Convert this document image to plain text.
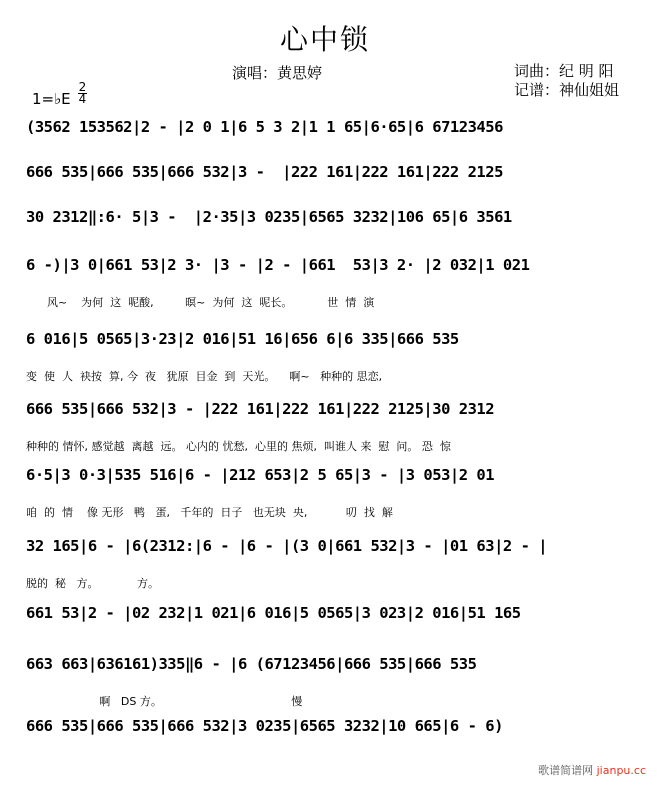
心中锁
演唱：黄思婷	词曲：纪 明 阳
记谱：神仙姐姐
1=♭E
2
4
(3562 153562|2 - |2 0 1|6 5 3 2|1 1 65|6·65|6 67123456
666 535|666 535|666 532|3 -  |222 161|222 161|222 2125
30 2312‖:6· 5|3 -  |2·35|3 0235|6565 3232|106 65|6 3561
6 -)|3 0|661 53|2 3· |3 - |2 - |661  53|3 2· |2 032|1 021
风~    为何  这  呢酸,         暝~  为何  这  呢长。          世  情  演
6 016|5 0565|3·23|2 016|51 16|656 6|6 335|666 535
变  使  人  袂按  算, 今  夜   犹原  目金  到  天光。    啊~   种种的 思恋,
666 535|666 532|3 - |222 161|222 161|222 2125|30 2312
种种的 情怀, 感觉越  离越  远。 心内的 忧愁,  心里的 焦烦,  叫谁人 来  慰  问。 恐  惊
6·5|3 0·3|535 516|6 - |212 653|2 5 65|3 - |3 053|2 01
咱  的  情    像 无形   鸭   蛋,   千年的  日子   也无块  央,           叨  找  解
32 165|6 - |6(2312:|6 - |6 - |(3 0|661 532|3 - |01 63|2 - |
脱的  秘   方。           方。
661 53|2 - |02 232|1 021|6 016|5 0565|3 023|2 016|51 165
663 663|636161)335‖6 - |6 (67123456|666 535|666 535
啊   DS 方。                                     慢
666 535|666 535|666 532|3 0235|6565 3232|10 665|6 - 6)
歌谱简谱网 jianpu.cc
